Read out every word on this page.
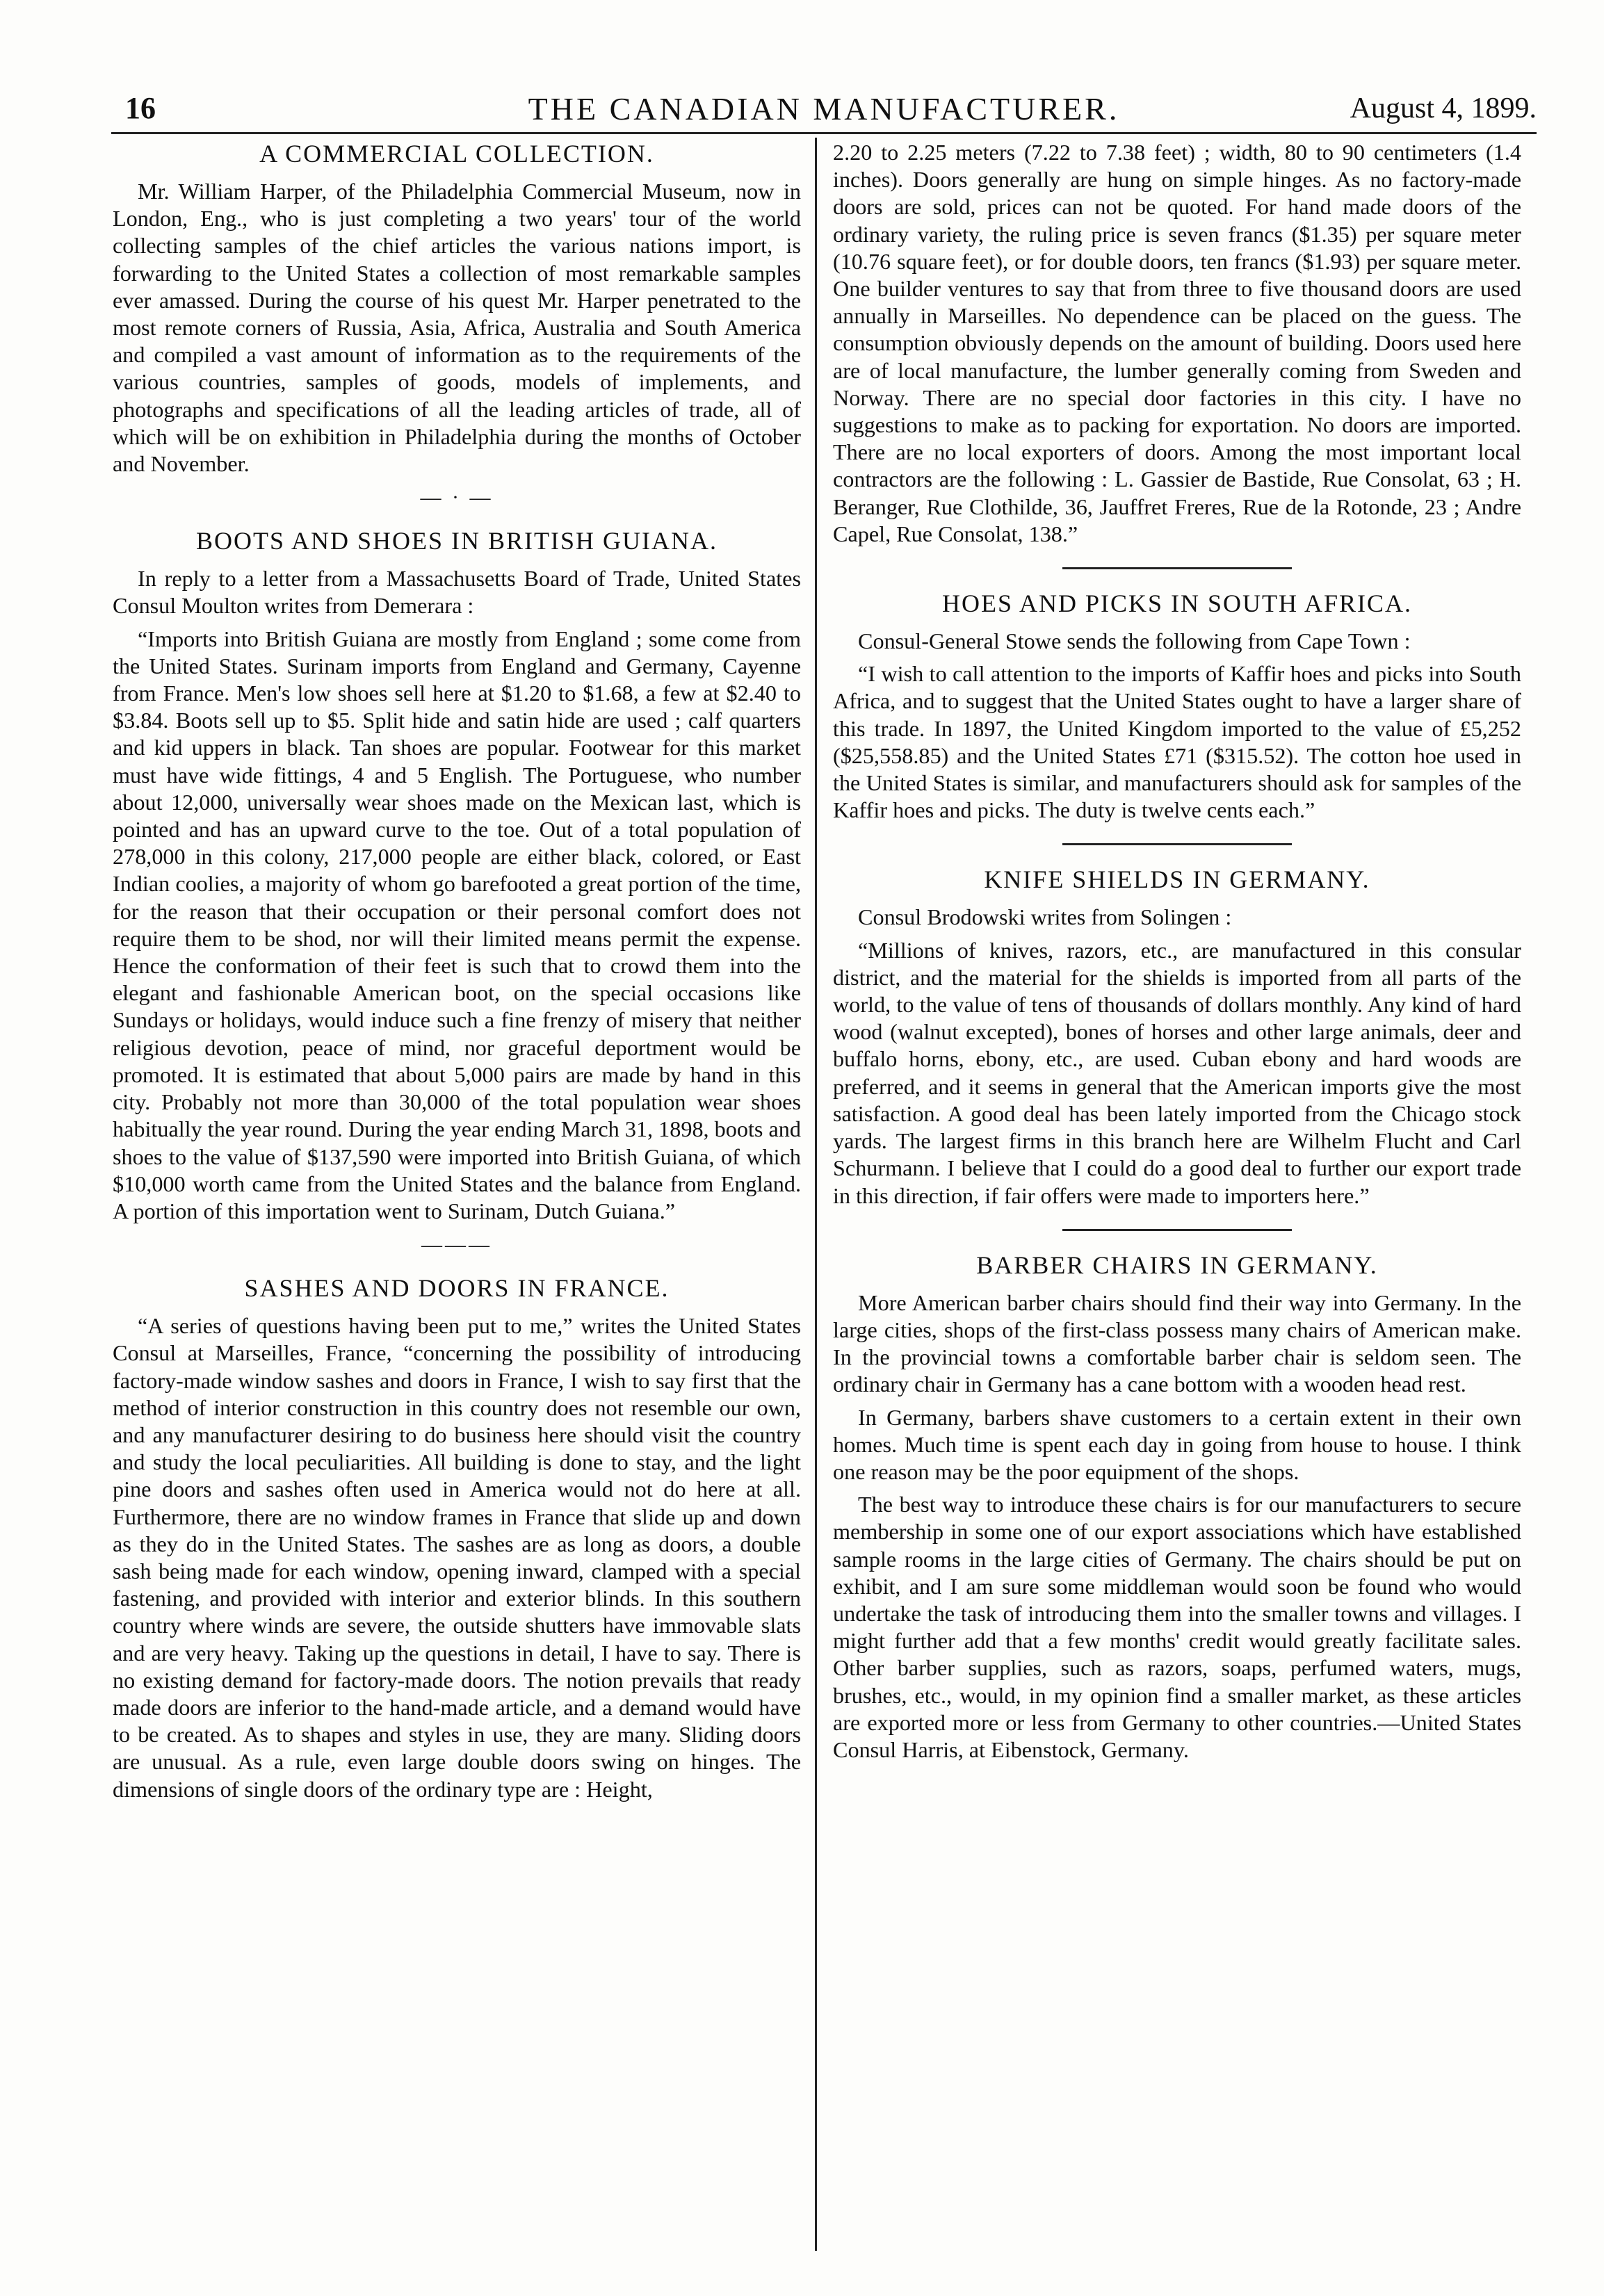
16	THE CANADIAN MANUFACTURER.	August 4, 1899.
A COMMERCIAL COLLECTION.

Mr. William Harper, of the Philadelphia Commercial Museum, now in London, Eng., who is just completing a two years' tour of the world collecting samples of the chief articles the various nations import, is forwarding to the United States a collection of most remarkable samples ever amassed. During the course of his quest Mr. Harper penetrated to the most remote corners of Russia, Asia, Africa, Australia and South America and compiled a vast amount of information as to the requirements of the various countries, samples of goods, models of implements, and photographs and specifications of all the leading articles of trade, all of which will be on exhibition in Philadelphia during the months of October and November.

— · —
BOOTS AND SHOES IN BRITISH GUIANA.

In reply to a letter from a Massachusetts Board of Trade, United States Consul Moulton writes from Demerara :

“Imports into British Guiana are mostly from England ; some come from the United States. Surinam imports from England and Germany, Cayenne from France. Men's low shoes sell here at $1.20 to $1.68, a few at $2.40 to $3.84. Boots sell up to $5. Split hide and satin hide are used ; calf quarters and kid uppers in black. Tan shoes are popular. Footwear for this market must have wide fittings, 4 and 5 English. The Portuguese, who number about 12,000, universally wear shoes made on the Mexican last, which is pointed and has an upward curve to the toe. Out of a total population of 278,000 in this colony, 217,000 people are either black, colored, or East Indian coolies, a majority of whom go barefooted a great portion of the time, for the reason that their occupation or their personal comfort does not require them to be shod, nor will their limited means permit the expense. Hence the conformation of their feet is such that to crowd them into the elegant and fashionable American boot, on the special occasions like Sundays or holidays, would induce such a fine frenzy of misery that neither religious devotion, peace of mind, nor graceful deportment would be promoted. It is estimated that about 5,000 pairs are made by hand in this city. Probably not more than 30,000 of the total population wear shoes habitually the year round. During the year ending March 31, 1898, boots and shoes to the value of $137,590 were imported into British Guiana, of which $10,000 worth came from the United States and the balance from England. A portion of this importation went to Surinam, Dutch Guiana.”

———
SASHES AND DOORS IN FRANCE.

“A series of questions having been put to me,” writes the United States Consul at Marseilles, France, “concerning the possibility of introducing factory-made window sashes and doors in France, I wish to say first that the method of interior construction in this country does not resemble our own, and any manufacturer desiring to do business here should visit the country and study the local peculiarities. All building is done to stay, and the light pine doors and sashes often used in America would not do here at all. Furthermore, there are no window frames in France that slide up and down as they do in the United States. The sashes are as long as doors, a double sash being made for each window, opening inward, clamped with a special fastening, and provided with interior and exterior blinds. In this southern country where winds are severe, the outside shutters have immovable slats and are very heavy. Taking up the questions in detail, I have to say. There is no existing demand for factory-made doors. The notion prevails that ready made doors are inferior to the hand-made article, and a demand would have to be created. As to shapes and styles in use, they are many. Sliding doors are unusual. As a rule, even large double doors swing on hinges. The dimensions of single doors of the ordinary type are : Height,

2.20 to 2.25 meters (7.22 to 7.38 feet) ; width, 80 to 90 centimeters (1.4 inches). Doors generally are hung on simple hinges. As no factory-made doors are sold, prices can not be quoted. For hand made doors of the ordinary variety, the ruling price is seven francs ($1.35) per square meter (10.76 square feet), or for double doors, ten francs ($1.93) per square meter. One builder ventures to say that from three to five thousand doors are used annually in Marseilles. No dependence can be placed on the guess. The consumption obviously depends on the amount of building. Doors used here are of local manufacture, the lumber generally coming from Sweden and Norway. There are no special door factories in this city. I have no suggestions to make as to packing for exportation. No doors are imported. There are no local exporters of doors. Among the most important local contractors are the following : L. Gassier de Bastide, Rue Consolat, 63 ; H. Beranger, Rue Clothilde, 36, Jauffret Freres, Rue de la Rotonde, 23 ; Andre Capel, Rue Consolat, 138.”

HOES AND PICKS IN SOUTH AFRICA.

Consul-General Stowe sends the following from Cape Town :

“I wish to call attention to the imports of Kaffir hoes and picks into South Africa, and to suggest that the United States ought to have a larger share of this trade. In 1897, the United Kingdom imported to the value of £5,252 ($25,558.85) and the United States £71 ($315.52). The cotton hoe used in the United States is similar, and manufacturers should ask for samples of the Kaffir hoes and picks. The duty is twelve cents each.”

KNIFE SHIELDS IN GERMANY.

Consul Brodowski writes from Solingen :

“Millions of knives, razors, etc., are manufactured in this consular district, and the material for the shields is imported from all parts of the world, to the value of tens of thousands of dollars monthly. Any kind of hard wood (walnut excepted), bones of horses and other large animals, deer and buffalo horns, ebony, etc., are used. Cuban ebony and hard woods are preferred, and it seems in general that the American imports give the most satisfaction. A good deal has been lately imported from the Chicago stock yards. The largest firms in this branch here are Wilhelm Flucht and Carl Schurmann. I believe that I could do a good deal to further our export trade in this direction, if fair offers were made to importers here.”

BARBER CHAIRS IN GERMANY.

More American barber chairs should find their way into Germany. In the large cities, shops of the first-class possess many chairs of American make. In the provincial towns a comfortable barber chair is seldom seen. The ordinary chair in Germany has a cane bottom with a wooden head rest.

In Germany, barbers shave customers to a certain extent in their own homes. Much time is spent each day in going from house to house. I think one reason may be the poor equipment of the shops.

The best way to introduce these chairs is for our manufacturers to secure membership in some one of our export associations which have established sample rooms in the large cities of Germany. The chairs should be put on exhibit, and I am sure some middleman would soon be found who would undertake the task of introducing them into the smaller towns and villages. I might further add that a few months' credit would greatly facilitate sales. Other barber supplies, such as razors, soaps, perfumed waters, mugs, brushes, etc., would, in my opinion find a smaller market, as these articles are exported more or less from Germany to other countries.—United States Consul Harris, at Eibenstock, Germany.
